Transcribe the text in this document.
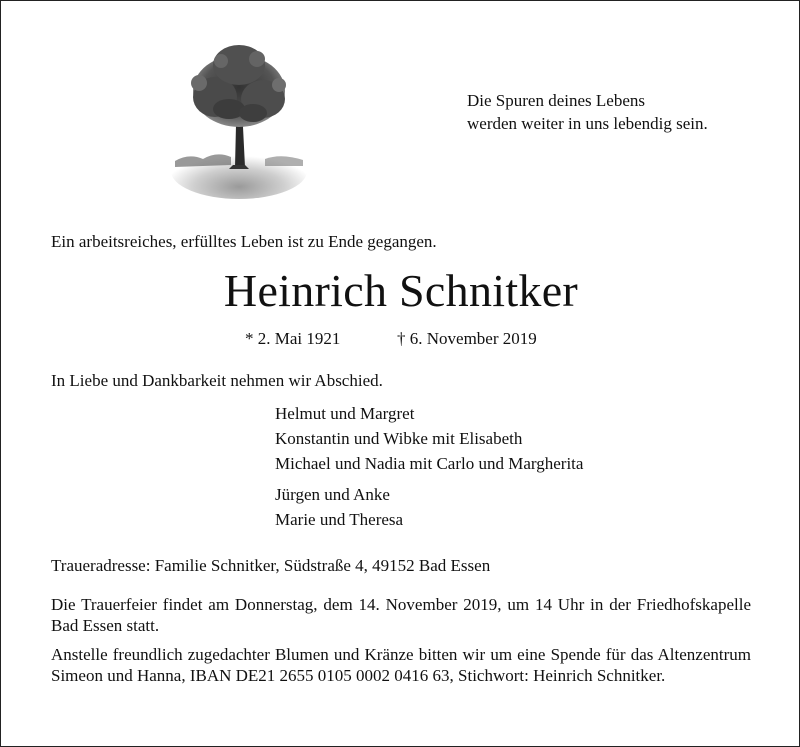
Die Spuren deines Lebens
werden weiter in uns lebendig sein.
Ein arbeitsreiches, erfülltes Leben ist zu Ende gegangen.
Heinrich Schnitker
* 2. Mai 1921	† 6. November 2019
In Liebe und Dankbarkeit nehmen wir Abschied.
Helmut und Margret
Konstantin und Wibke mit Elisabeth
Michael und Nadia mit Carlo und Margherita
Jürgen und Anke
Marie und Theresa
Traueradresse: Familie Schnitker, Südstraße 4, 49152 Bad Essen
Die Trauerfeier findet am Donnerstag, dem 14. November 2019, um 14 Uhr in der Friedhofskapelle Bad Essen statt.
Anstelle freundlich zugedachter Blumen und Kränze bitten wir um eine Spende für das Altenzentrum Simeon und Hanna, IBAN DE21 2655 0105 0002 0416 63, Stichwort: Heinrich Schnitker.
